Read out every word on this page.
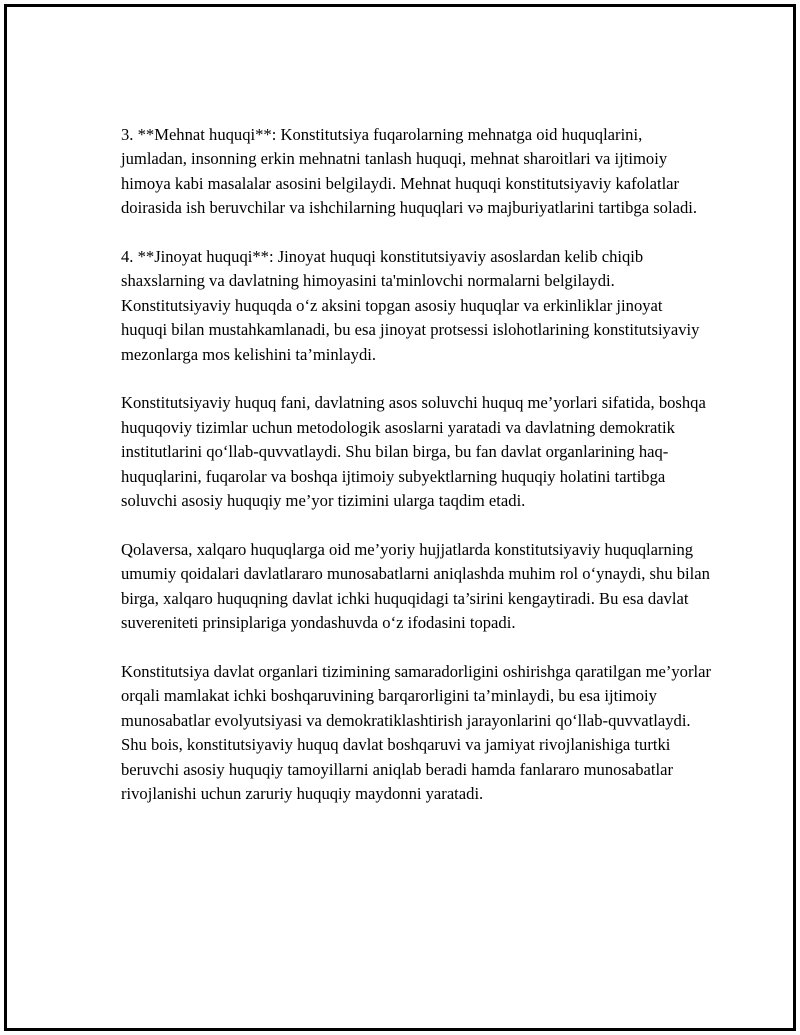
3. **Mehnat huquqi**: Konstitutsiya fuqarolarning mehnatga oid huquqlarini, jumladan, insonning erkin mehnatni tanlash huquqi, mehnat sharoitlari va ijtimoiy himoya kabi masalalar asosini belgilaydi. Mehnat huquqi konstitutsiyaviy kafolatlar doirasida ish beruvchilar va ishchilarning huquqlari və majburiyatlarini tartibga soladi.

4. **Jinoyat huquqi**: Jinoyat huquqi konstitutsiyaviy asoslardan kelib chiqib shaxslarning va davlatning himoyasini ta'minlovchi normalarni belgilaydi. Konstitutsiyaviy huquqda oʻz aksini topgan asosiy huquqlar va erkinliklar jinoyat huquqi bilan mustahkamlanadi, bu esa jinoyat protsessi islohotlarining konstitutsiyaviy mezonlarga mos kelishini ta’minlaydi.

Konstitutsiyaviy huquq fani, davlatning asos soluvchi huquq me’yorlari sifatida, boshqa huquqoviy tizimlar uchun metodologik asoslarni yaratadi va davlatning demokratik institutlarini qoʻllab-quvvatlaydi. Shu bilan birga, bu fan davlat organlarining haq-huquqlarini, fuqarolar va boshqa ijtimoiy subyektlarning huquqiy holatini tartibga soluvchi asosiy huquqiy me’yor tizimini ularga taqdim etadi.

Qolaversa, xalqaro huquqlarga oid me’yoriy hujjatlarda konstitutsiyaviy huquqlarning umumiy qoidalari davlatlararo munosabatlarni aniqlashda muhim rol oʻynaydi, shu bilan birga, xalqaro huquqning davlat ichki huquqidagi ta’sirini kengaytiradi. Bu esa davlat suvereniteti prinsiplariga yondashuvda oʻz ifodasini topadi.

Konstitutsiya davlat organlari tizimining samaradorligini oshirishga qaratilgan me’yorlar orqali mamlakat ichki boshqaruvining barqarorligini ta’minlaydi, bu esa ijtimoiy munosabatlar evolyutsiyasi va demokratiklashtirish jarayonlarini qoʻllab-quvvatlaydi. Shu bois, konstitutsiyaviy huquq davlat boshqaruvi va jamiyat rivojlanishiga turtki beruvchi asosiy huquqiy tamoyillarni aniqlab beradi hamda fanlararo munosabatlar rivojlanishi uchun zaruriy huquqiy maydonni yaratadi.
